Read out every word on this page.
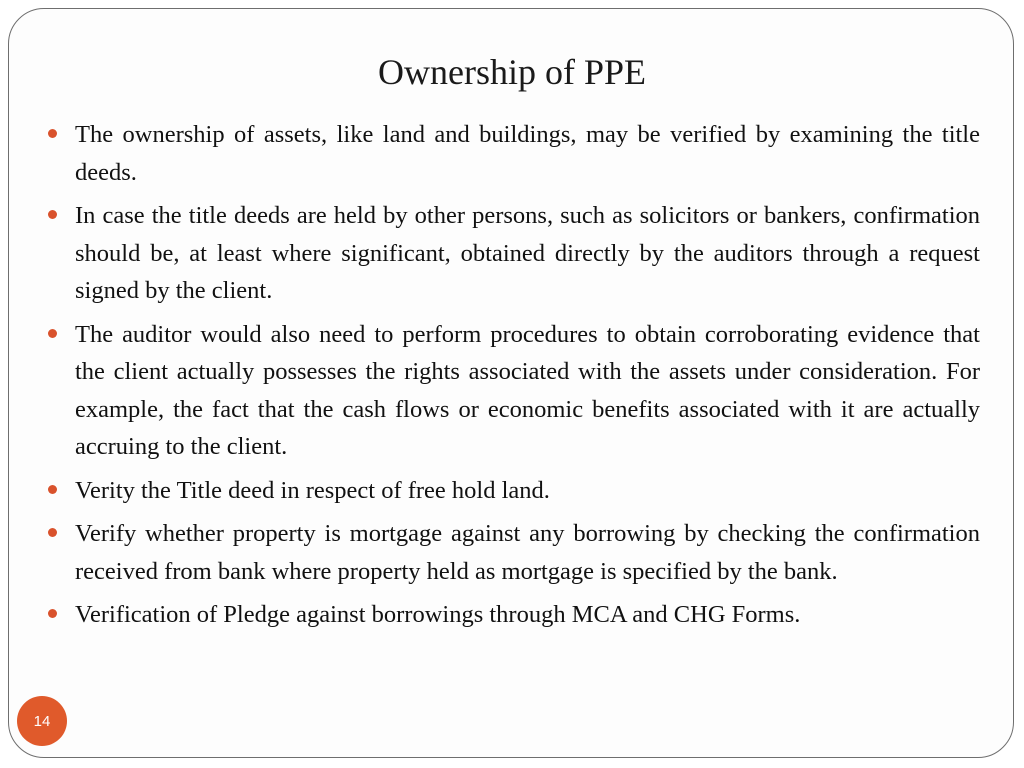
Ownership of PPE
The ownership of assets, like land and buildings, may be verified by examining the title deeds.
In case the title deeds are held by other persons, such as solicitors or bankers, confirmation should be, at least where significant, obtained directly by the auditors through a request signed by the client.
The auditor would also need to perform procedures to obtain corroborating evidence that the client actually possesses the rights associated with the assets under consideration. For example, the fact that the cash flows or economic benefits associated with it are actually accruing to the client.
Verity the Title deed in respect of free hold land.
Verify whether property is mortgage against any borrowing by checking the confirmation received from bank where property held as mortgage is specified by the bank.
Verification of Pledge against borrowings through MCA and CHG Forms.
14
